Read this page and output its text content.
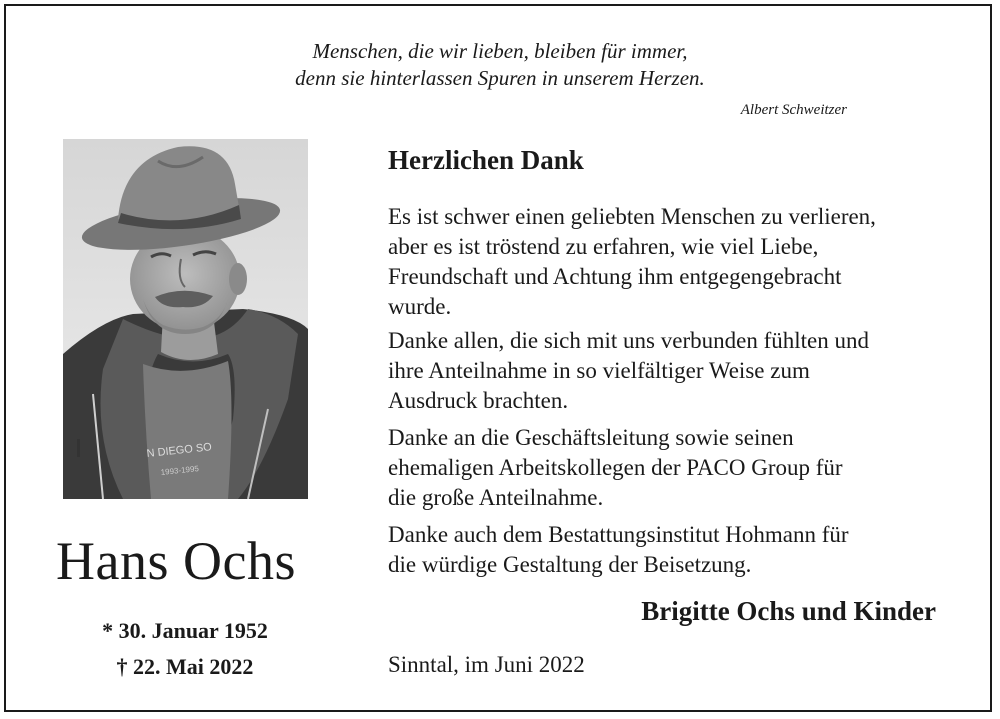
Menschen, die wir lieben, bleiben für immer,
denn sie hinterlassen Spuren in unserem Herzen.
Albert Schweitzer
N DIEGO SO
1993-1995
Hans Ochs
* 30. Januar 1952
† 22. Mai 2022
Herzlichen Dank

Es ist schwer einen geliebten Menschen zu verlieren,
aber es ist tröstend zu erfahren, wie viel Liebe,
Freundschaft und Achtung ihm entgegengebracht
wurde.

Danke allen, die sich mit uns verbunden fühlten und
ihre Anteilnahme in so vielfältiger Weise zum
Ausdruck brachten.

Danke an die Geschäftsleitung sowie seinen
ehemaligen Arbeitskollegen der PACO Group für
die große Anteilnahme.

Danke auch dem Bestattungsinstitut Hohmann für
die würdige Gestaltung der Beisetzung.

Brigitte Ochs und Kinder
Sinntal, im Juni 2022
